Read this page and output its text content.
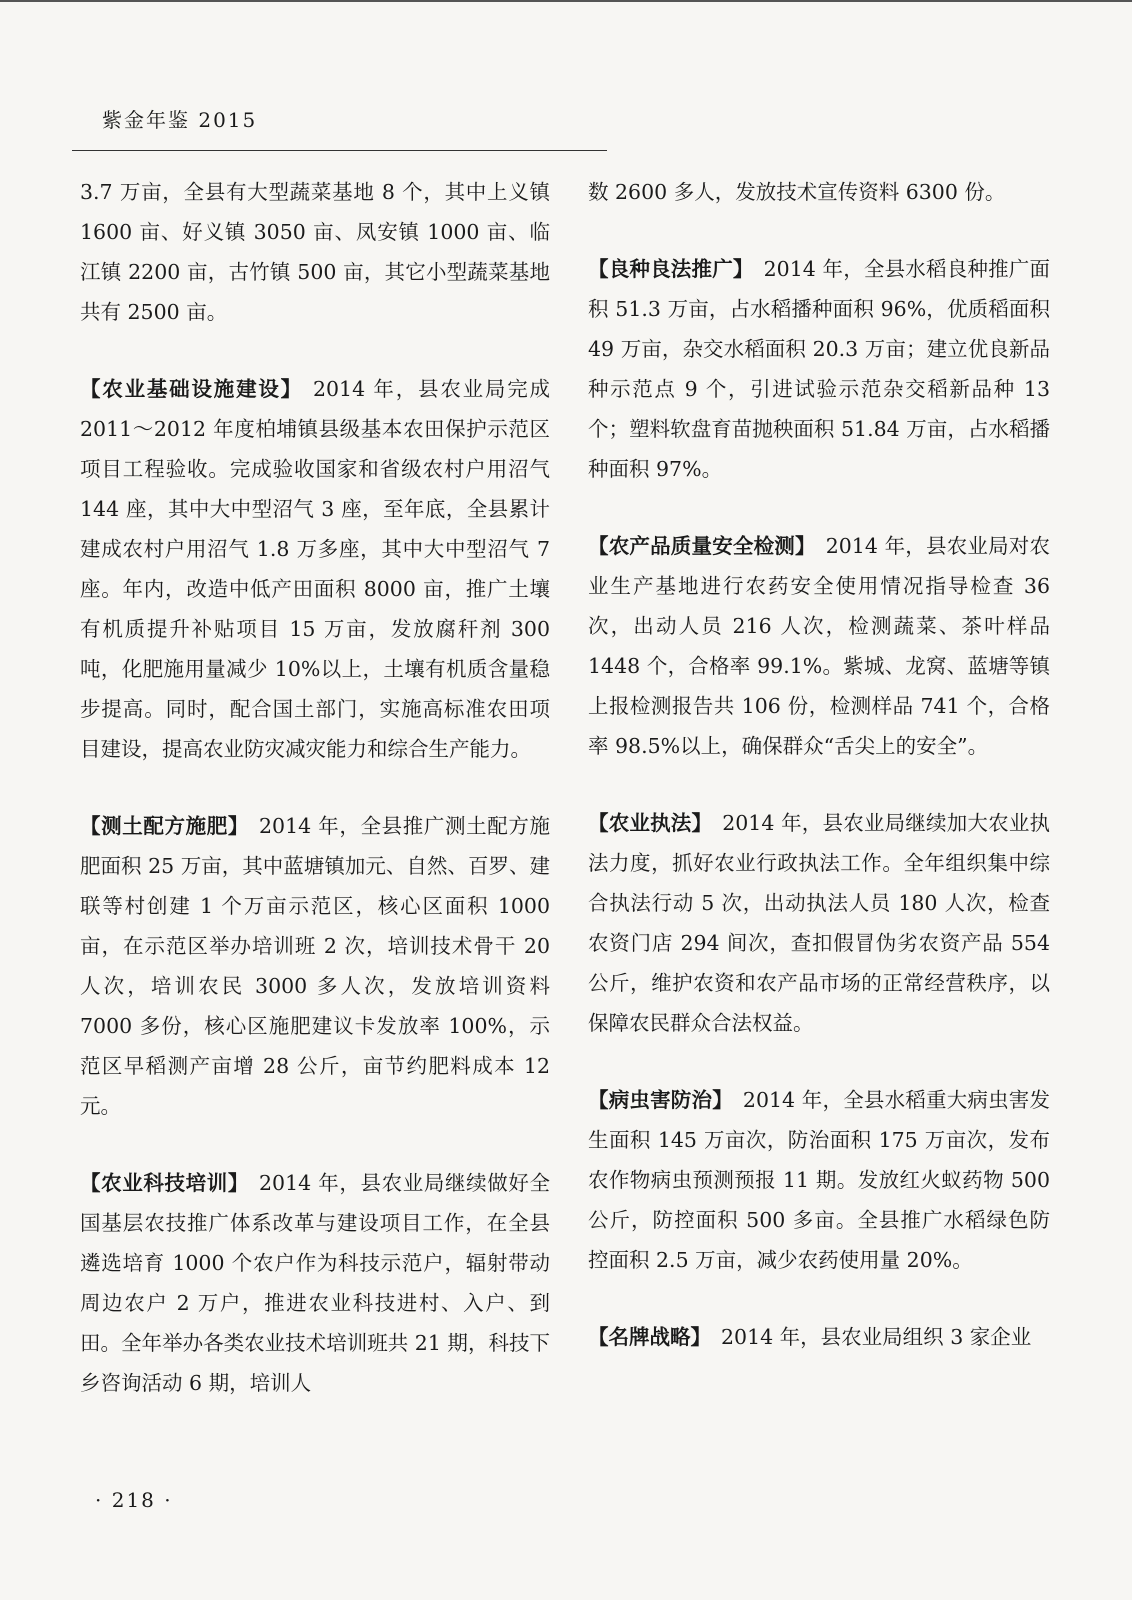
紫金年鉴 2015

3.7 万亩，全县有大型蔬菜基地 8 个，其中上义镇 1600 亩、好义镇 3050 亩、凤安镇 1000 亩、临江镇 2200 亩，古竹镇 500 亩，其它小型蔬菜基地共有 2500 亩。

【农业基础设施建设】 2014 年，县农业局完成 2011～2012 年度柏埔镇县级基本农田保护示范区项目工程验收。完成验收国家和省级农村户用沼气 144 座，其中大中型沼气 3 座，至年底，全县累计建成农村户用沼气 1.8 万多座，其中大中型沼气 7 座。年内，改造中低产田面积 8000 亩，推广土壤有机质提升补贴项目 15 万亩，发放腐秆剂 300 吨，化肥施用量减少 10%以上，土壤有机质含量稳步提高。同时，配合国土部门，实施高标准农田项目建设，提高农业防灾减灾能力和综合生产能力。

【测土配方施肥】 2014 年，全县推广测土配方施肥面积 25 万亩，其中蓝塘镇加元、自然、百罗、建联等村创建 1 个万亩示范区，核心区面积 1000 亩，在示范区举办培训班 2 次，培训技术骨干 20 人次，培训农民 3000 多人次，发放培训资料 7000 多份，核心区施肥建议卡发放率 100%，示范区早稻测产亩增 28 公斤，亩节约肥料成本 12 元。

【农业科技培训】 2014 年，县农业局继续做好全国基层农技推广体系改革与建设项目工作，在全县遴选培育 1000 个农户作为科技示范户，辐射带动周边农户 2 万户，推进农业科技进村、入户、到田。全年举办各类农业技术培训班共 21 期，科技下乡咨询活动 6 期，培训人

数 2600 多人，发放技术宣传资料 6300 份。

【良种良法推广】 2014 年，全县水稻良种推广面积 51.3 万亩，占水稻播种面积 96%，优质稻面积 49 万亩，杂交水稻面积 20.3 万亩；建立优良新品种示范点 9 个，引进试验示范杂交稻新品种 13 个；塑料软盘育苗抛秧面积 51.84 万亩，占水稻播种面积 97%。

【农产品质量安全检测】 2014 年，县农业局对农业生产基地进行农药安全使用情况指导检查 36 次，出动人员 216 人次，检测蔬菜、茶叶样品 1448 个，合格率 99.1%。紫城、龙窝、蓝塘等镇上报检测报告共 106 份，检测样品 741 个，合格率 98.5%以上，确保群众“舌尖上的安全”。

【农业执法】 2014 年，县农业局继续加大农业执法力度，抓好农业行政执法工作。全年组织集中综合执法行动 5 次，出动执法人员 180 人次，检查农资门店 294 间次，查扣假冒伪劣农资产品 554 公斤，维护农资和农产品市场的正常经营秩序，以保障农民群众合法权益。

【病虫害防治】 2014 年，全县水稻重大病虫害发生面积 145 万亩次，防治面积 175 万亩次，发布农作物病虫预测预报 11 期。发放红火蚁药物 500 公斤，防控面积 500 多亩。全县推广水稻绿色防控面积 2.5 万亩，减少农药使用量 20%。

【名牌战略】 2014 年，县农业局组织 3 家企业

· 218 ·
